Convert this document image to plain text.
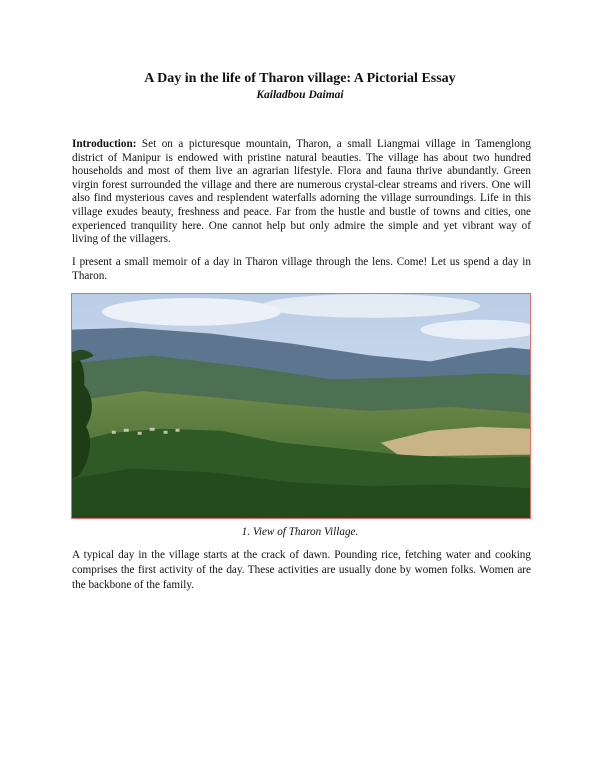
A Day in the life of Tharon village: A Pictorial Essay
Kailadbou Daimai

Introduction: Set on a picturesque mountain, Tharon, a small Liangmai village in Tamenglong district of Manipur is endowed with pristine natural beauties. The village has about two hundred households and most of them live an agrarian lifestyle. Flora and fauna thrive abundantly. Green virgin forest surrounded the village and there are numerous crystal-clear streams and rivers. One will also find mysterious caves and resplendent waterfalls adorning the village surroundings. Life in this village exudes beauty, freshness and peace. Far from the hustle and bustle of towns and cities, one experienced tranquility here. One cannot help but only admire the simple and yet vibrant way of living of the villagers.

I present a small memoir of a day in Tharon village through the lens. Come! Let us spend a day in Tharon.

1. View of Tharon Village.

A typical day in the village starts at the crack of dawn. Pounding rice, fetching water and cooking comprises the first activity of the day. These activities are usually done by women folks. Women are the backbone of the family.
